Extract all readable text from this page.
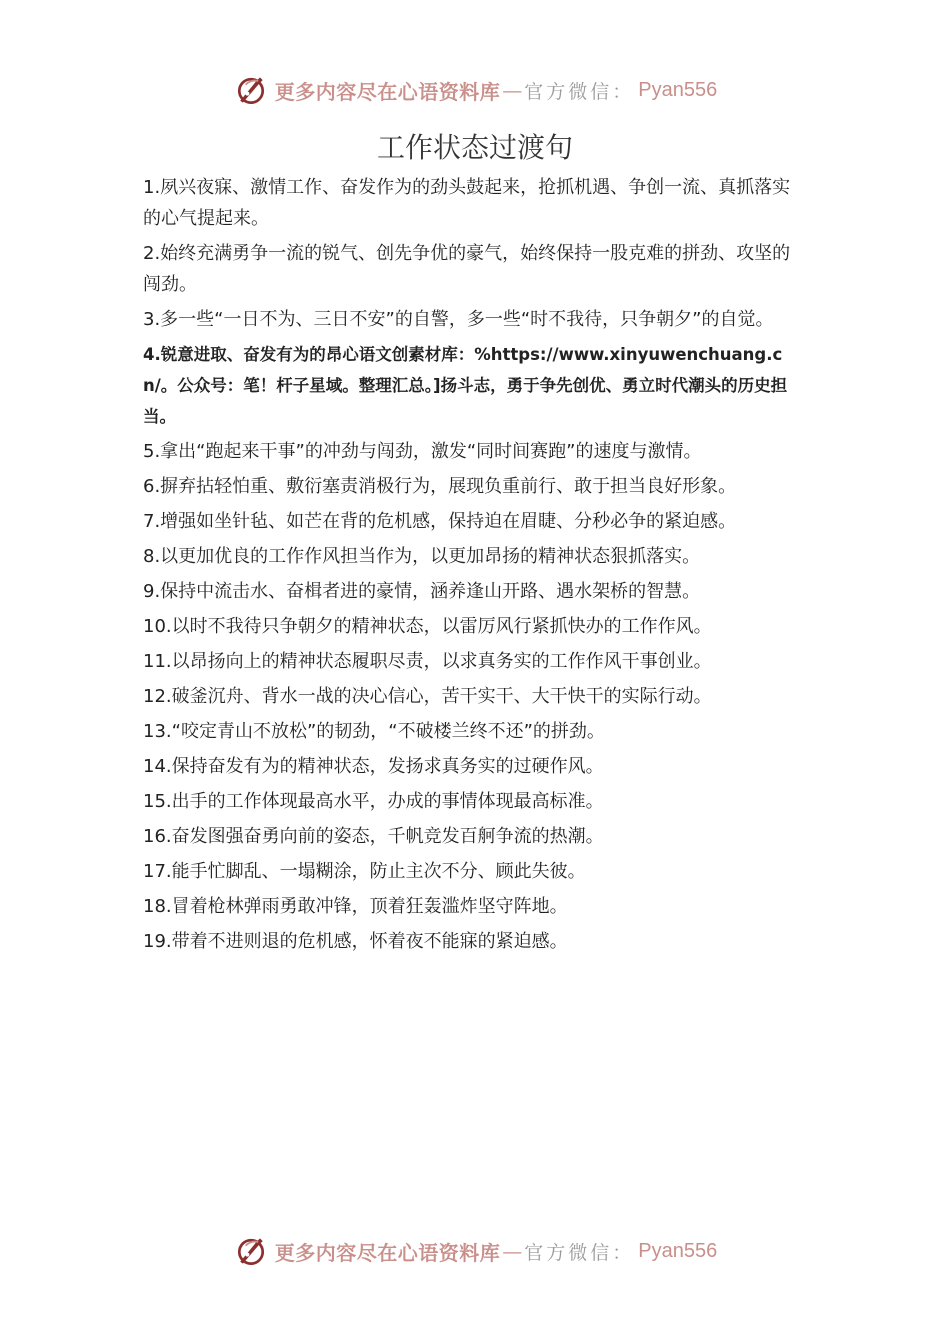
更多内容尽在心语资料库 — 官方微信： Pyan556
工作状态过渡句
1.夙兴夜寐、激情工作、奋发作为的劲头鼓起来，抢抓机遇、争创一流、真抓落实的心气提起来。
2.始终充满勇争一流的锐气、创先争优的豪气，始终保持一股克难的拼劲、攻坚的闯劲。
3.多一些“一日不为、三日不安”的自警，多一些“时不我待，只争朝夕”的自觉。
4.锐意进取、奋发有为的昂心语文创素材库：%https://www.xinyuwenchuang.cn/。公众号：笔！杆子星域。整理汇总。]扬斗志，勇于争先创优、勇立时代潮头的历史担当。
5.拿出“跑起来干事”的冲劲与闯劲，激发“同时间赛跑”的速度与激情。
6.摒弃拈轻怕重、敷衍塞责消极行为，展现负重前行、敢于担当良好形象。
7.增强如坐针毡、如芒在背的危机感，保持迫在眉睫、分秒必争的紧迫感。
8.以更加优良的工作作风担当作为，以更加昂扬的精神状态狠抓落实。
9.保持中流击水、奋楫者进的豪情，涵养逢山开路、遇水架桥的智慧。
10.以时不我待只争朝夕的精神状态，以雷厉风行紧抓快办的工作作风。
11.以昂扬向上的精神状态履职尽责，以求真务实的工作作风干事创业。
12.破釜沉舟、背水一战的决心信心，苦干实干、大干快干的实际行动。
13.“咬定青山不放松”的韧劲，“不破楼兰终不还”的拼劲。
14.保持奋发有为的精神状态，发扬求真务实的过硬作风。
15.出手的工作体现最高水平，办成的事情体现最高标准。
16.奋发图强奋勇向前的姿态，千帆竞发百舸争流的热潮。
17.能手忙脚乱、一塌糊涂，防止主次不分、顾此失彼。
18.冒着枪林弹雨勇敢冲锋，顶着狂轰滥炸坚守阵地。
19.带着不进则退的危机感，怀着夜不能寐的紧迫感。
更多内容尽在心语资料库 — 官方微信： Pyan556
